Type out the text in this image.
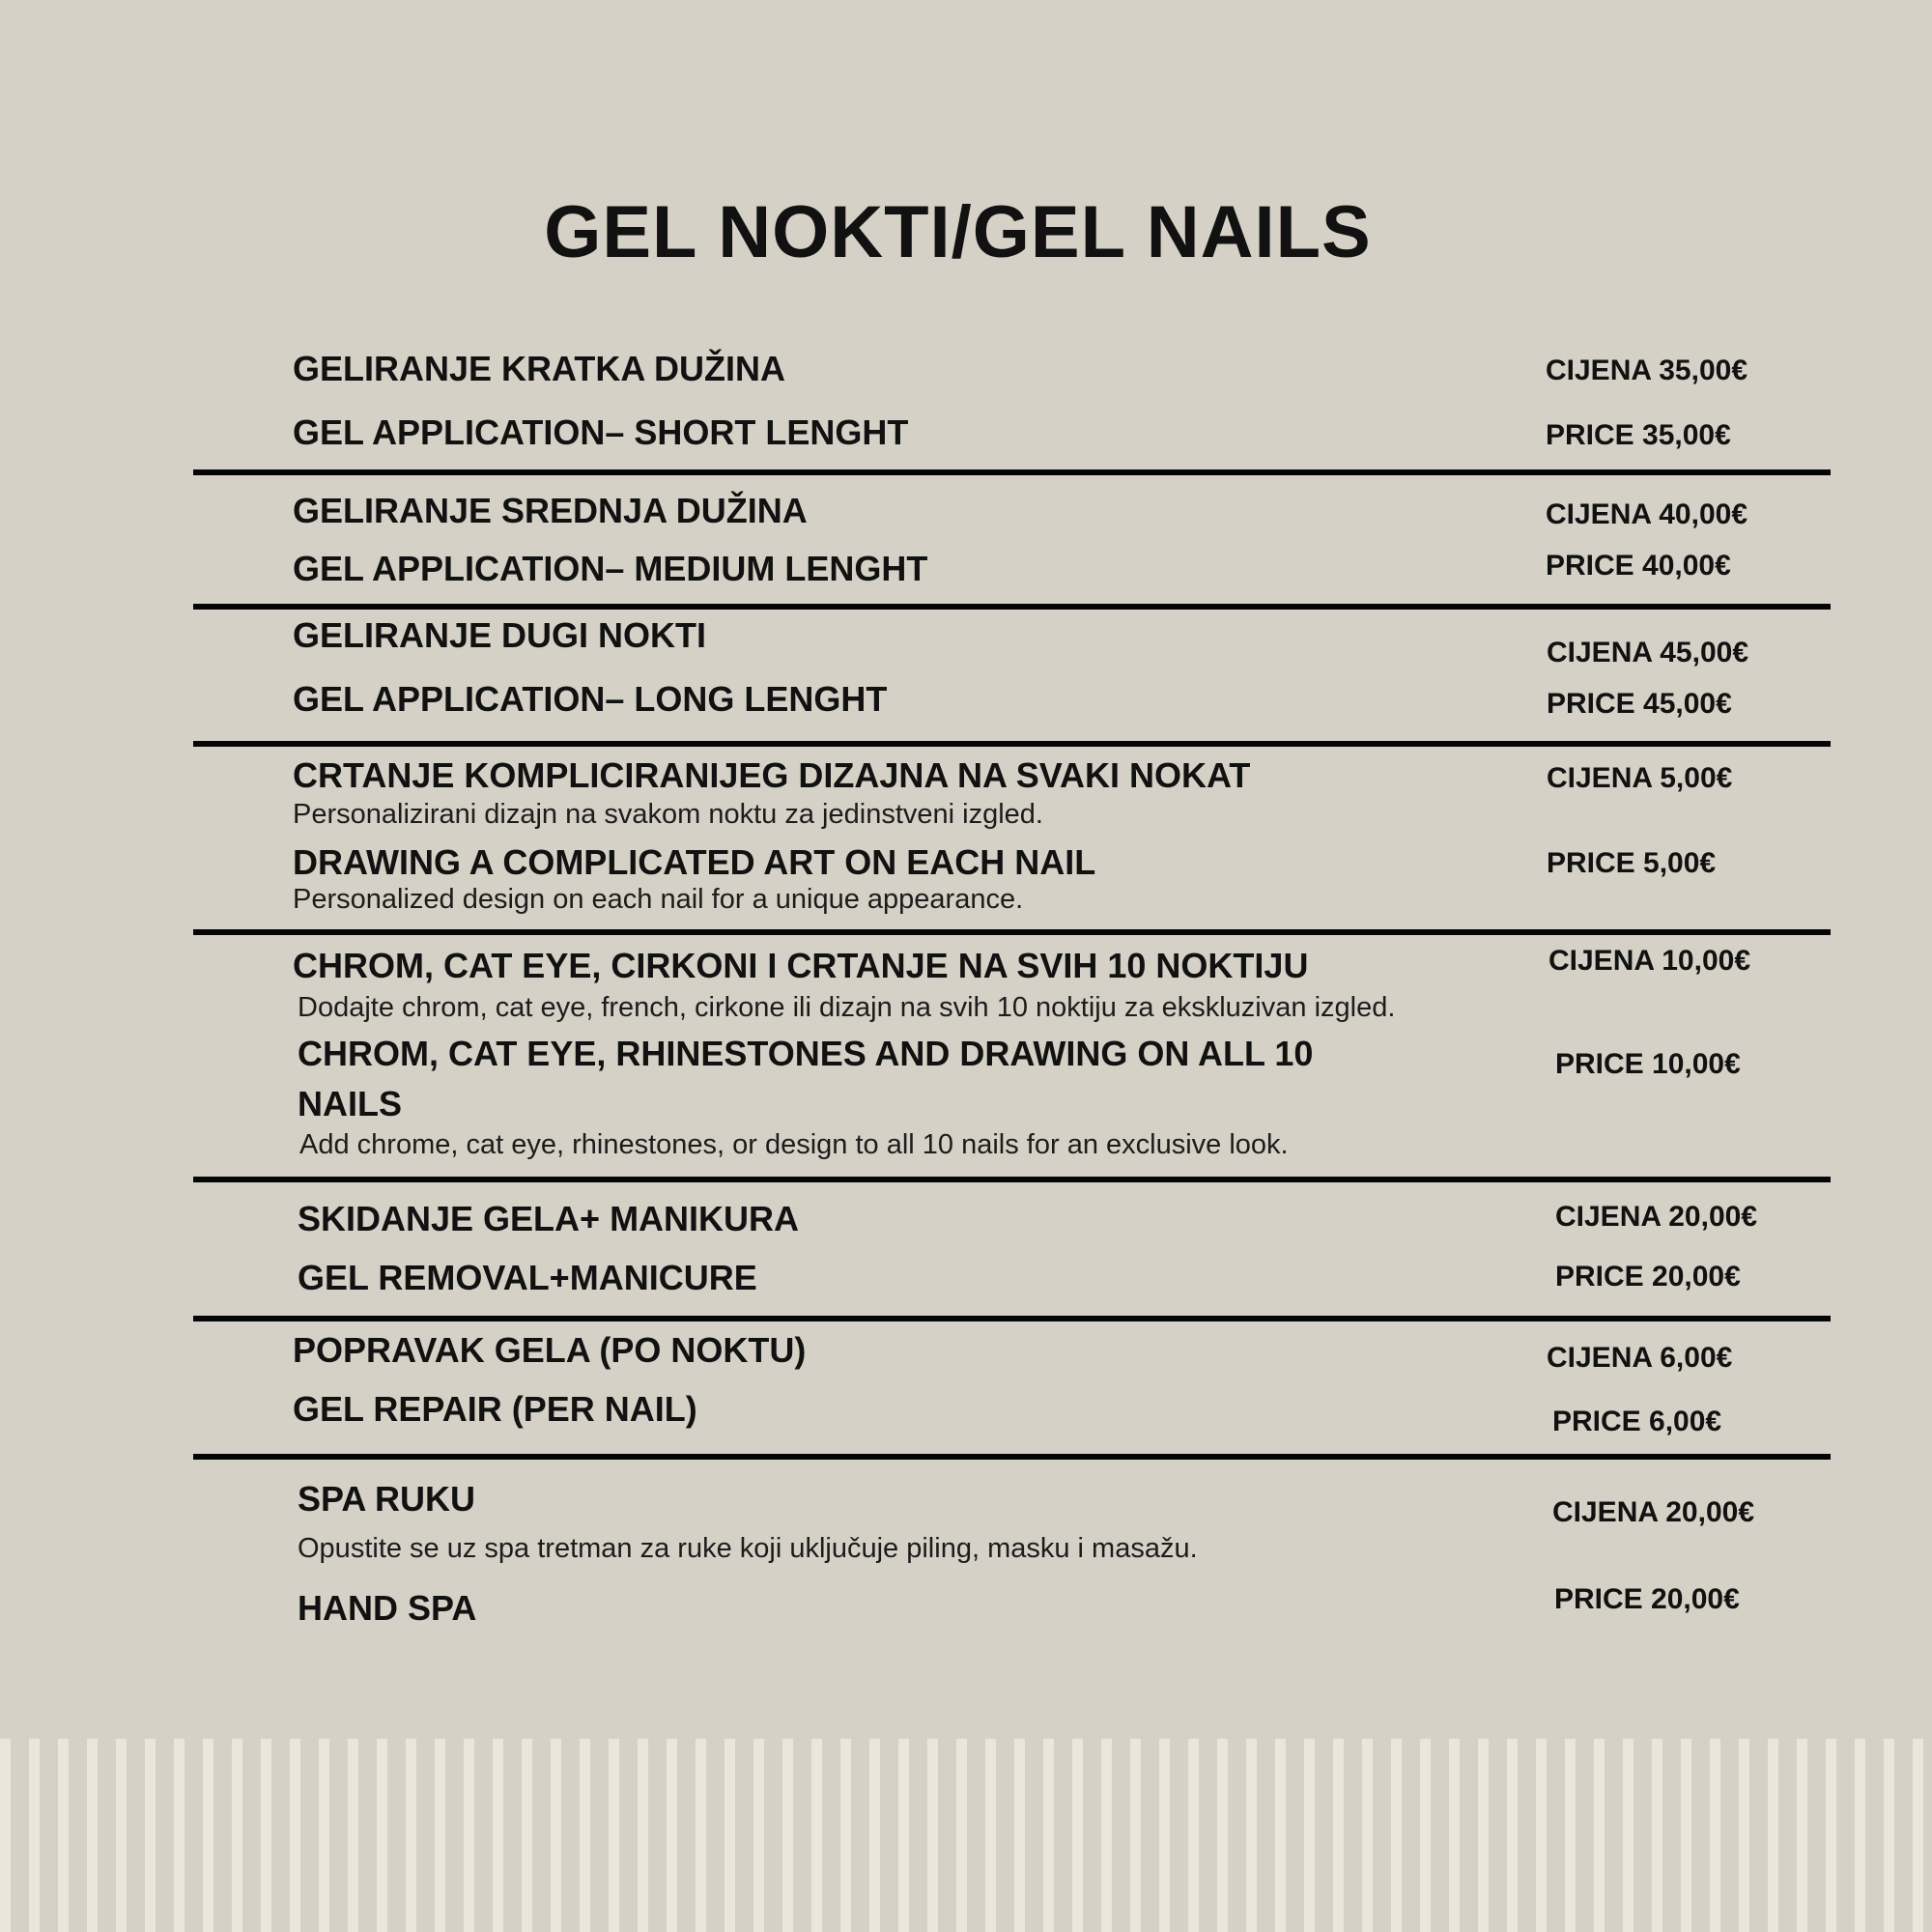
GEL NOKTI/GEL NAILS
GELIRANJE KRATKA DUŽINA
GEL APPLICATION– SHORT LENGHT
CIJENA 35,00€
PRICE 35,00€
GELIRANJE SREDNJA DUŽINA
GEL APPLICATION– MEDIUM LENGHT
CIJENA 40,00€
PRICE 40,00€
GELIRANJE DUGI NOKTI
GEL APPLICATION– LONG LENGHT
CIJENA 45,00€
PRICE 45,00€
CRTANJE KOMPLICIRANIJEG DIZAJNA NA SVAKI NOKAT
Personalizirani dizajn na svakom noktu za jedinstveni izgled.
DRAWING A COMPLICATED ART ON EACH NAIL
Personalized design on each nail for a unique appearance.
CIJENA 5,00€
PRICE 5,00€
CHROM, CAT EYE, CIRKONI I CRTANJE NA SVIH 10 NOKTIJU
Dodajte chrom, cat eye, french, cirkone ili dizajn na svih 10 noktiju za ekskluzivan izgled.
CHROM, CAT EYE, RHINESTONES AND DRAWING ON ALL 10
NAILS
Add chrome, cat eye, rhinestones, or design to all 10 nails for an exclusive look.
CIJENA 10,00€
PRICE 10,00€
SKIDANJE GELA+ MANIKURA
GEL REMOVAL+MANICURE
CIJENA 20,00€
PRICE 20,00€
POPRAVAK GELA (PO NOKTU)
GEL REPAIR (PER NAIL)
CIJENA 6,00€
PRICE 6,00€
SPA RUKU
Opustite se uz spa tretman za ruke koji uključuje piling, masku i masažu.
HAND SPA
CIJENA 20,00€
PRICE 20,00€
